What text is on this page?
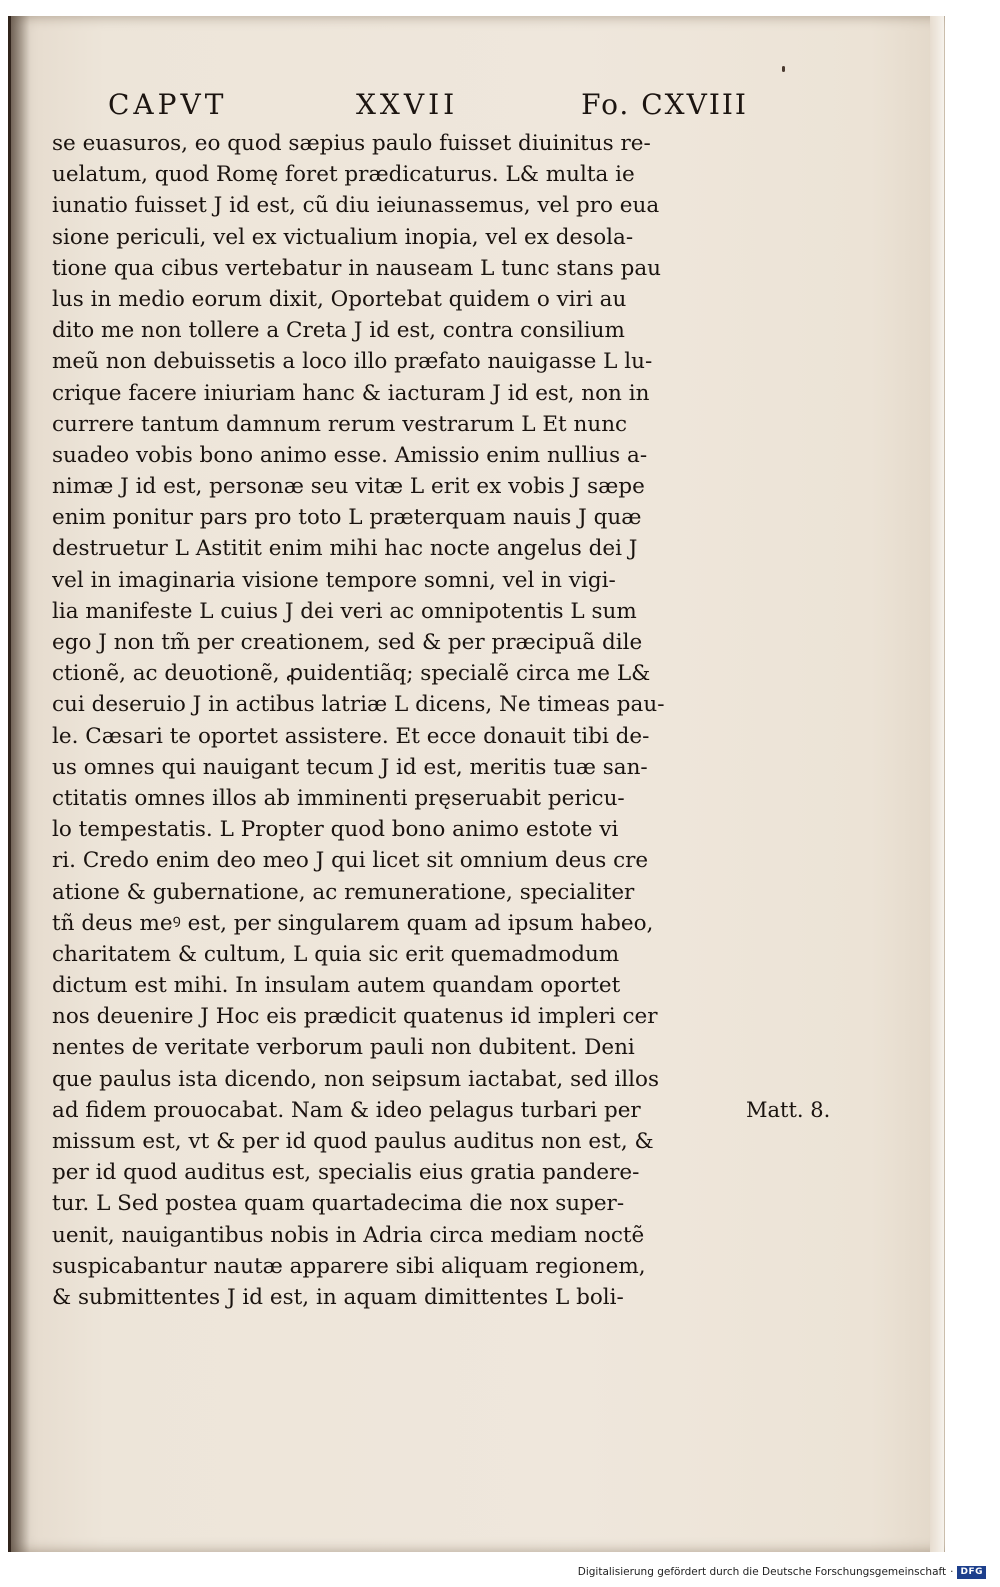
CAPVT	XXVII	Fo. CXVIII
se euasuros, eo quod sæpius paulo fuisset diuinitus re-
uelatum, quod Romę foret prædicaturus. L& multa ie
iunatio fuisset J id est, cũ diu ieiunassemus, vel pro eua
sione periculi, vel ex victualium inopia, vel ex desola-
tione qua cibus vertebatur in nauseam L tunc stans pau
lus in medio eorum dixit, Oportebat quidem o viri au
dito me non tollere a Creta J id est, contra consilium
meũ non debuissetis a loco illo præfato nauigasse L lu-
crique facere iniuriam hanc & iacturam J id est, non in
currere tantum damnum rerum vestrarum L Et nunc
suadeo vobis bono animo esse. Amissio enim nullius a-
nimæ J id est, personæ seu vitæ L erit ex vobis J sæpe
enim ponitur pars pro toto L præterquam nauis J quæ
destruetur L Astitit enim mihi hac nocte angelus dei J
vel in imaginaria visione tempore somni, vel in vigi-
lia manifeste L cuius J dei veri ac omnipotentis L sum
ego J non tm̃ per creationem, sed & per præcipuã dile
ctionẽ, ac deuotionẽ, ꝓuidentiãq; specialẽ circa me L&
cui deseruio J in actibus latriæ L dicens, Ne timeas pau-
le. Cæsari te oportet assistere. Et ecce donauit tibi de-
us omnes qui nauigant tecum J id est, meritis tuæ san-
ctitatis omnes illos ab imminenti pręseruabit pericu-
lo tempestatis. L Propter quod bono animo estote vi
ri. Credo enim deo meo J qui licet sit omnium deus cre
atione & gubernatione, ac remuneratione, specialiter
tñ deus meꝰ est, per singularem quam ad ipsum habeo,
charitatem & cultum, L quia sic erit quemadmodum
dictum est mihi. In insulam autem quandam oportet
nos deuenire J Hoc eis prædicit quatenus id impleri cer
nentes de veritate verborum pauli non dubitent. Deni
que paulus ista dicendo, non seipsum iactabat, sed illos
ad fidem prouocabat. Nam & ideo pelagus turbari per
missum est, vt & per id quod paulus auditus non est, &
per id quod auditus est, specialis eius gratia pandere-
tur. L Sed postea quam quartadecima die nox super-
uenit, nauigantibus nobis in Adria circa mediam noctẽ
suspicabantur nautæ apparere sibi aliquam regionem,
& submittentes J id est, in aquam dimittentes L boli-
Matt. 8.
Digitalisierung gefördert durch die Deutsche Forschungsgemeinschaft · DFG
